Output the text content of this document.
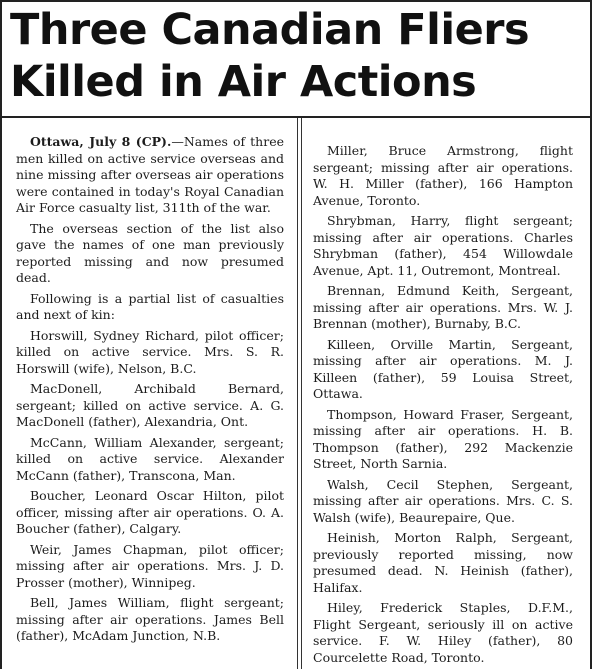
Three Canadian Fliers Killed in Air Actions

Ottawa, July 8 (CP).—Names of three men killed on active service overseas and nine missing after overseas air operations were contained in today's Royal Canadian Air Force casualty list, 311th of the war.

The overseas section of the list also gave the names of one man previously reported missing and now presumed dead.

Following is a partial list of casualties and next of kin:

Horswill, Sydney Richard, pilot officer; killed on active service. Mrs. S. R. Horswill (wife), Nelson, B.C.

MacDonell, Archibald Bernard, sergeant; killed on active service. A. G. MacDonell (father), Alexandria, Ont.

McCann, William Alexander, sergeant; killed on active service. Alexander McCann (father), Transcona, Man.

Boucher, Leonard Oscar Hilton, pilot officer, missing after air operations. O. A. Boucher (father), Calgary.

Weir, James Chapman, pilot officer; missing after air operations. Mrs. J. D. Prosser (mother), Winnipeg.

Bell, James William, flight sergeant; missing after air operations. James Bell (father), McAdam Junction, N.B.

Miller, Bruce Armstrong, flight sergeant; missing after air operations. W. H. Miller (father), 166 Hampton Avenue, Toronto.

Shrybman, Harry, flight sergeant; missing after air operations. Charles Shrybman (father), 454 Willowdale Avenue, Apt. 11, Outremont, Montreal.

Brennan, Edmund Keith, Sergeant, missing after air operations. Mrs. W. J. Brennan (mother), Burnaby, B.C.

Killeen, Orville Martin, Sergeant, missing after air operations. M. J. Killeen (father), 59 Louisa Street, Ottawa.

Thompson, Howard Fraser, Sergeant, missing after air operations. H. B. Thompson (father), 292 Mackenzie Street, North Sarnia.

Walsh, Cecil Stephen, Sergeant, missing after air operations. Mrs. C. S. Walsh (wife), Beaurepaire, Que.

Heinish, Morton Ralph, Sergeant, previously reported missing, now presumed dead. N. Heinish (father), Halifax.

Hiley, Frederick Staples, D.F.M., Flight Sergeant, seriously ill on active service. F. W. Hiley (father), 80 Courcelette Road, Toronto.
